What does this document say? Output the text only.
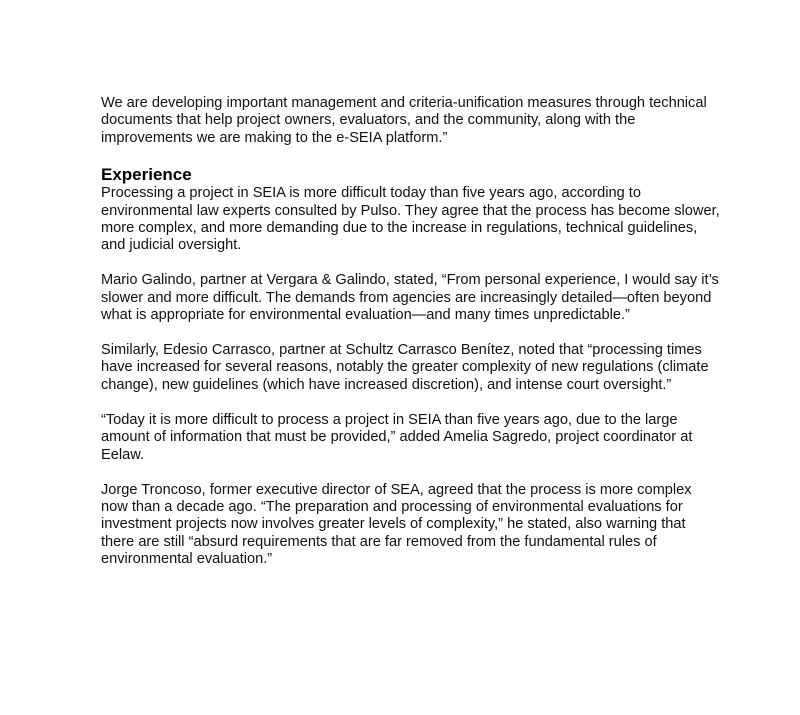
We are developing important management and criteria-unification measures through technical documents that help project owners, evaluators, and the community, along with the improvements we are making to the e-SEIA platform.”

Experience

Processing a project in SEIA is more difficult today than five years ago, according to environmental law experts consulted by Pulso. They agree that the process has become slower, more complex, and more demanding due to the increase in regulations, technical guidelines, and judicial oversight.

Mario Galindo, partner at Vergara & Galindo, stated, “From personal experience, I would say it’s slower and more difficult. The demands from agencies are increasingly detailed—often beyond what is appropriate for environmental evaluation—and many times unpredictable.”

Similarly, Edesio Carrasco, partner at Schultz Carrasco Benítez, noted that “processing times have increased for several reasons, notably the greater complexity of new regulations (climate change), new guidelines (which have increased discretion), and intense court oversight.”

“Today it is more difficult to process a project in SEIA than five years ago, due to the large amount of information that must be provided,” added Amelia Sagredo, project coordinator at Eelaw.

Jorge Troncoso, former executive director of SEA, agreed that the process is more complex now than a decade ago. “The preparation and processing of environmental evaluations for investment projects now involves greater levels of complexity,” he stated, also warning that there are still “absurd requirements that are far removed from the fundamental rules of environmental evaluation.”
